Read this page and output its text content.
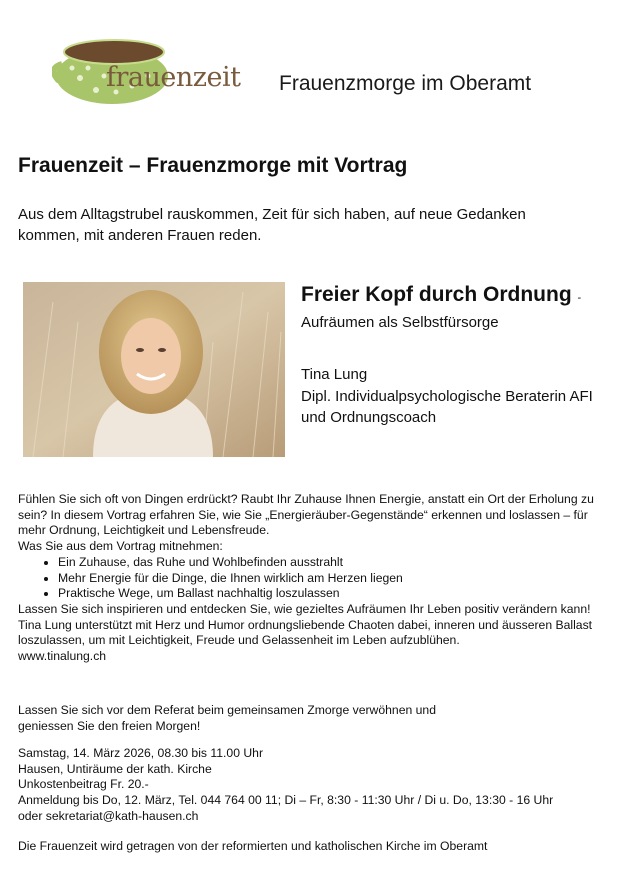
frauenzeit Frauenzmorge im Oberamt
Frauenzeit – Frauenzmorge mit Vortrag
Aus dem Alltagstrubel rauskommen, Zeit für sich haben, auf neue Gedanken kommen, mit anderen Frauen reden.
Freier Kopf durch Ordnung -
Aufräumen als Selbstfürsorge
Tina Lung
Dipl. Individualpsychologische Beraterin AFI
und Ordnungscoach

Fühlen Sie sich oft von Dingen erdrückt? Raubt Ihr Zuhause Ihnen Energie, anstatt ein Ort der Erholung zu sein? In diesem Vortrag erfahren Sie, wie Sie „Energieräuber-Gegenstände“ erkennen und loslassen – für mehr Ordnung, Leichtigkeit und Lebensfreude.

Was Sie aus dem Vortrag mitnehmen:

• Ein Zuhause, das Ruhe und Wohlbefinden ausstrahlt
• Mehr Energie für die Dinge, die Ihnen wirklich am Herzen liegen
• Praktische Wege, um Ballast nachhaltig loszulassen

Lassen Sie sich inspirieren und entdecken Sie, wie gezieltes Aufräumen Ihr Leben positiv verändern kann!

Tina Lung unterstützt mit Herz und Humor ordnungsliebende Chaoten dabei, inneren und äusseren Ballast loszulassen, um mit Leichtigkeit, Freude und Gelassenheit im Leben aufzublühen.

www.tinalung.ch

Lassen Sie sich vor dem Referat beim gemeinsamen Zmorge verwöhnen und
geniessen Sie den freien Morgen!
Samstag, 14. März 2026, 08.30 bis 11.00 Uhr
Hausen, Untiräume der kath. Kirche
Unkostenbeitrag Fr. 20.-
Anmeldung bis Do, 12. März, Tel. 044 764 00 11; Di – Fr, 8:30 - 11:30 Uhr / Di u. Do, 13:30 - 16 Uhr
oder sekretariat@kath-hausen.ch
Die Frauenzeit wird getragen von der reformierten und katholischen Kirche im Oberamt
